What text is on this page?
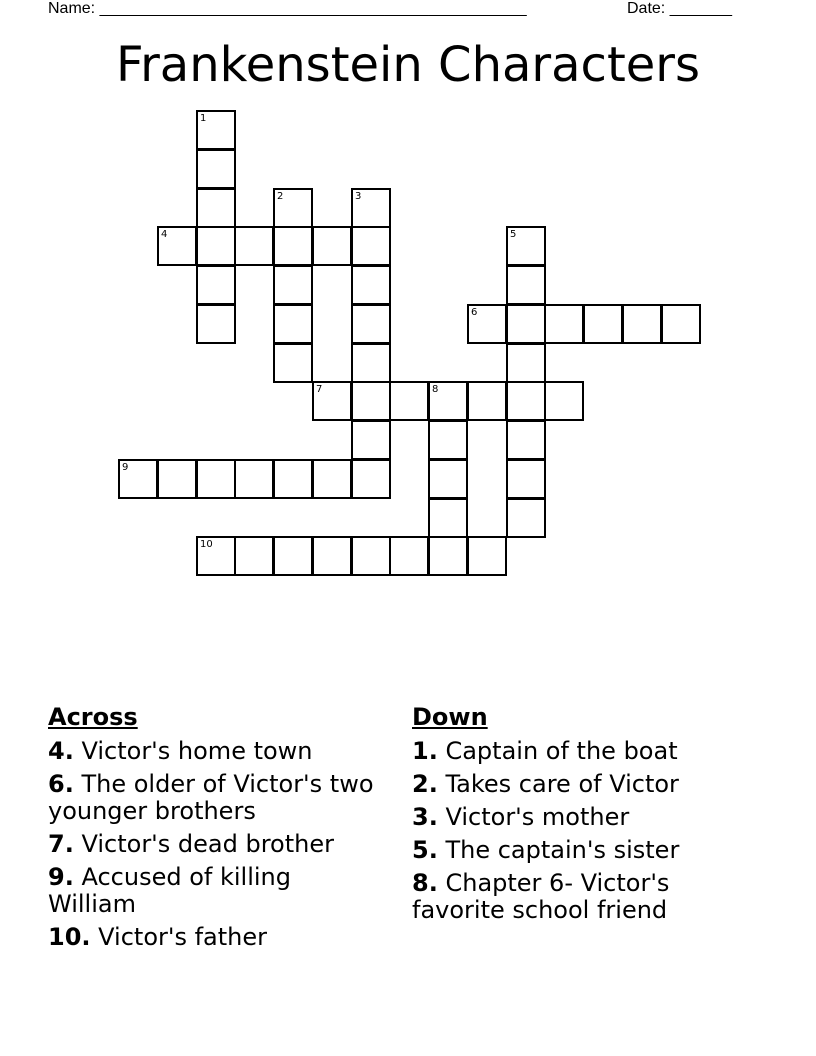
Name: ________________________________________________	Date: _______
Frankenstein Characters
1
2	3
4	5
6
7	8
9
10
Across
4. Victor's home town
6. The older of Victor's two younger brothers
7. Victor's dead brother
9. Accused of killing William
10. Victor's father
Down
1. Captain of the boat
2. Takes care of Victor
3. Victor's mother
5. The captain's sister
8. Chapter 6- Victor's favorite school friend
